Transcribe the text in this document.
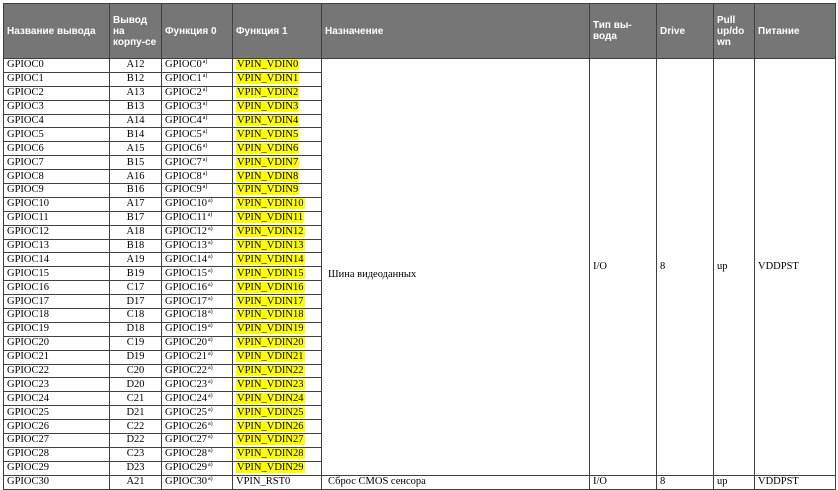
Название вывода	Вывод на корпу-се	Функция 0	Функция 1	Назначение	Тип вы-вода	Drive	Pull up/do wn	Питание
GPIOC0	A12	GPIOC0$^{a)}$	VPIN_VDIN0	Шина видеоданных	I/O	8	up	VDDPST
GPIOC1	B12	GPIOC1$^{a)}$	VPIN_VDIN1					
GPIOC2	A13	GPIOC2$^{a)}$	VPIN_VDIN2					
GPIOC3	B13	GPIOC3$^{a)}$	VPIN_VDIN3					
GPIOC4	A14	GPIOC4$^{a)}$	VPIN_VDIN4					
GPIOC5	B14	GPIOC5$^{a)}$	VPIN_VDIN5					
GPIOC6	A15	GPIOC6$^{a)}$	VPIN_VDIN6					
GPIOC7	B15	GPIOC7$^{a)}$	VPIN_VDIN7					
GPIOC8	A16	GPIOC8$^{a)}$	VPIN_VDIN8					
GPIOC9	B16	GPIOC9$^{a)}$	VPIN_VDIN9					
GPIOC10	A17	GPIOC10$^{a)}$	VPIN_VDIN10					
GPIOC11	B17	GPIOC11$^{a)}$	VPIN_VDIN11					
GPIOC12	A18	GPIOC12$^{a)}$	VPIN_VDIN12					
GPIOC13	B18	GPIOC13$^{a)}$	VPIN_VDIN13					
GPIOC14	A19	GPIOC14$^{a)}$	VPIN_VDIN14					
GPIOC15	B19	GPIOC15$^{a)}$	VPIN_VDIN15					
GPIOC16	C17	GPIOC16$^{a)}$	VPIN_VDIN16					
GPIOC17	D17	GPIOC17$^{a)}$	VPIN_VDIN17					
GPIOC18	C18	GPIOC18$^{a)}$	VPIN_VDIN18					
GPIOC19	D18	GPIOC19$^{a)}$	VPIN_VDIN19					
GPIOC20	C19	GPIOC20$^{a)}$	VPIN_VDIN20					
GPIOC21	D19	GPIOC21$^{a)}$	VPIN_VDIN21					
GPIOC22	C20	GPIOC22$^{a)}$	VPIN_VDIN22					
GPIOC23	D20	GPIOC23$^{a)}$	VPIN_VDIN23					
GPIOC24	C21	GPIOC24$^{a)}$	VPIN_VDIN24					
GPIOC25	D21	GPIOC25$^{a)}$	VPIN_VDIN25					
GPIOC26	C22	GPIOC26$^{a)}$	VPIN_VDIN26					
GPIOC27	D22	GPIOC27$^{a)}$	VPIN_VDIN27					
GPIOC28	C23	GPIOC28$^{a)}$	VPIN_VDIN28					
GPIOC29	D23	GPIOC29$^{a)}$	VPIN_VDIN29					
GPIOC30	A21	GPIOC30$^{a)}$	VPIN_RST0	Сброс CMOS сенсора	I/O	8	up	VDDPST
